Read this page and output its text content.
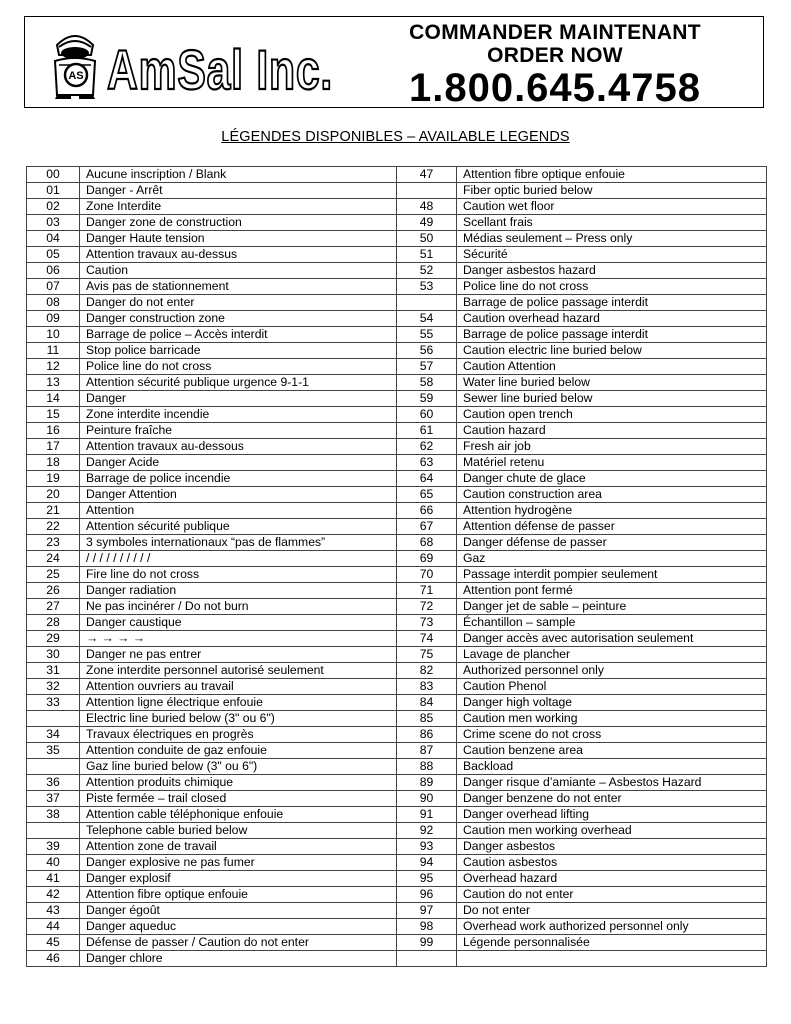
AS AmSal Inc.
COMMANDER MAINTENANT
ORDER NOW
1.800.645.4758
LÉGENDES DISPONIBLES – AVAILABLE LEGENDS
00	Aucune inscription / Blank	47	Attention fibre optique enfouie
01	Danger - Arrêt		Fiber optic buried below
02	Zone Interdite	48	Caution wet floor
03	Danger zone de construction	49	Scellant frais
04	Danger Haute tension	50	Médias seulement – Press only
05	Attention travaux au-dessus	51	Sécurité
06	Caution	52	Danger asbestos hazard
07	Avis pas de stationnement	53	Police line do not cross
08	Danger do not enter		Barrage de police passage interdit
09	Danger construction zone	54	Caution overhead hazard
10	Barrage de police – Accès interdit	55	Barrage de police passage interdit
11	Stop police barricade	56	Caution electric line buried below
12	Police line do not cross	57	Caution Attention
13	Attention sécurité publique urgence 9-1-1	58	Water line buried below
14	Danger	59	Sewer line buried below
15	Zone interdite incendie	60	Caution open trench
16	Peinture fraîche	61	Caution hazard
17	Attention travaux au-dessous	62	Fresh air job
18	Danger Acide	63	Matériel retenu
19	Barrage de police incendie	64	Danger chute de glace
20	Danger Attention	65	Caution construction area
21	Attention	66	Attention hydrogène
22	Attention sécurité publique	67	Attention défense de passer
23	3 symboles internationaux “pas de flammes”	68	Danger défense de passer
24	/ / / / / / / / / /	69	Gaz
25	Fire line do not cross	70	Passage interdit pompier seulement
26	Danger radiation	71	Attention pont fermé
27	Ne pas incinérer / Do not burn	72	Danger jet de sable – peinture
28	Danger caustique	73	Échantillon – sample
29	→ → → →	74	Danger accès avec autorisation seulement
30	Danger ne pas entrer	75	Lavage de plancher
31	Zone interdite personnel autorisé seulement	82	Authorized personnel only
32	Attention ouvriers au travail	83	Caution Phenol
33	Attention ligne électrique enfouie	84	Danger high voltage
	Electric line buried below (3" ou 6")	85	Caution men working
34	Travaux électriques en progrès	86	Crime scene do not cross
35	Attention conduite de gaz enfouie	87	Caution benzene area
	Gaz line buried below (3" ou 6")	88	Backload
36	Attention produits chimique	89	Danger risque d’amiante – Asbestos Hazard
37	Piste fermée – trail closed	90	Danger benzene do not enter
38	Attention cable téléphonique enfouie	91	Danger overhead lifting
	Telephone cable buried below	92	Caution men working overhead
39	Attention zone de travail	93	Danger asbestos
40	Danger explosive ne pas fumer	94	Caution asbestos
41	Danger explosif	95	Overhead hazard
42	Attention fibre optique enfouie	96	Caution do not enter
43	Danger égoût	97	Do not enter
44	Danger aqueduc	98	Overhead work authorized personnel only
45	Défense de passer / Caution do not enter	99	Légende personnalisée
46	Danger chlore		
